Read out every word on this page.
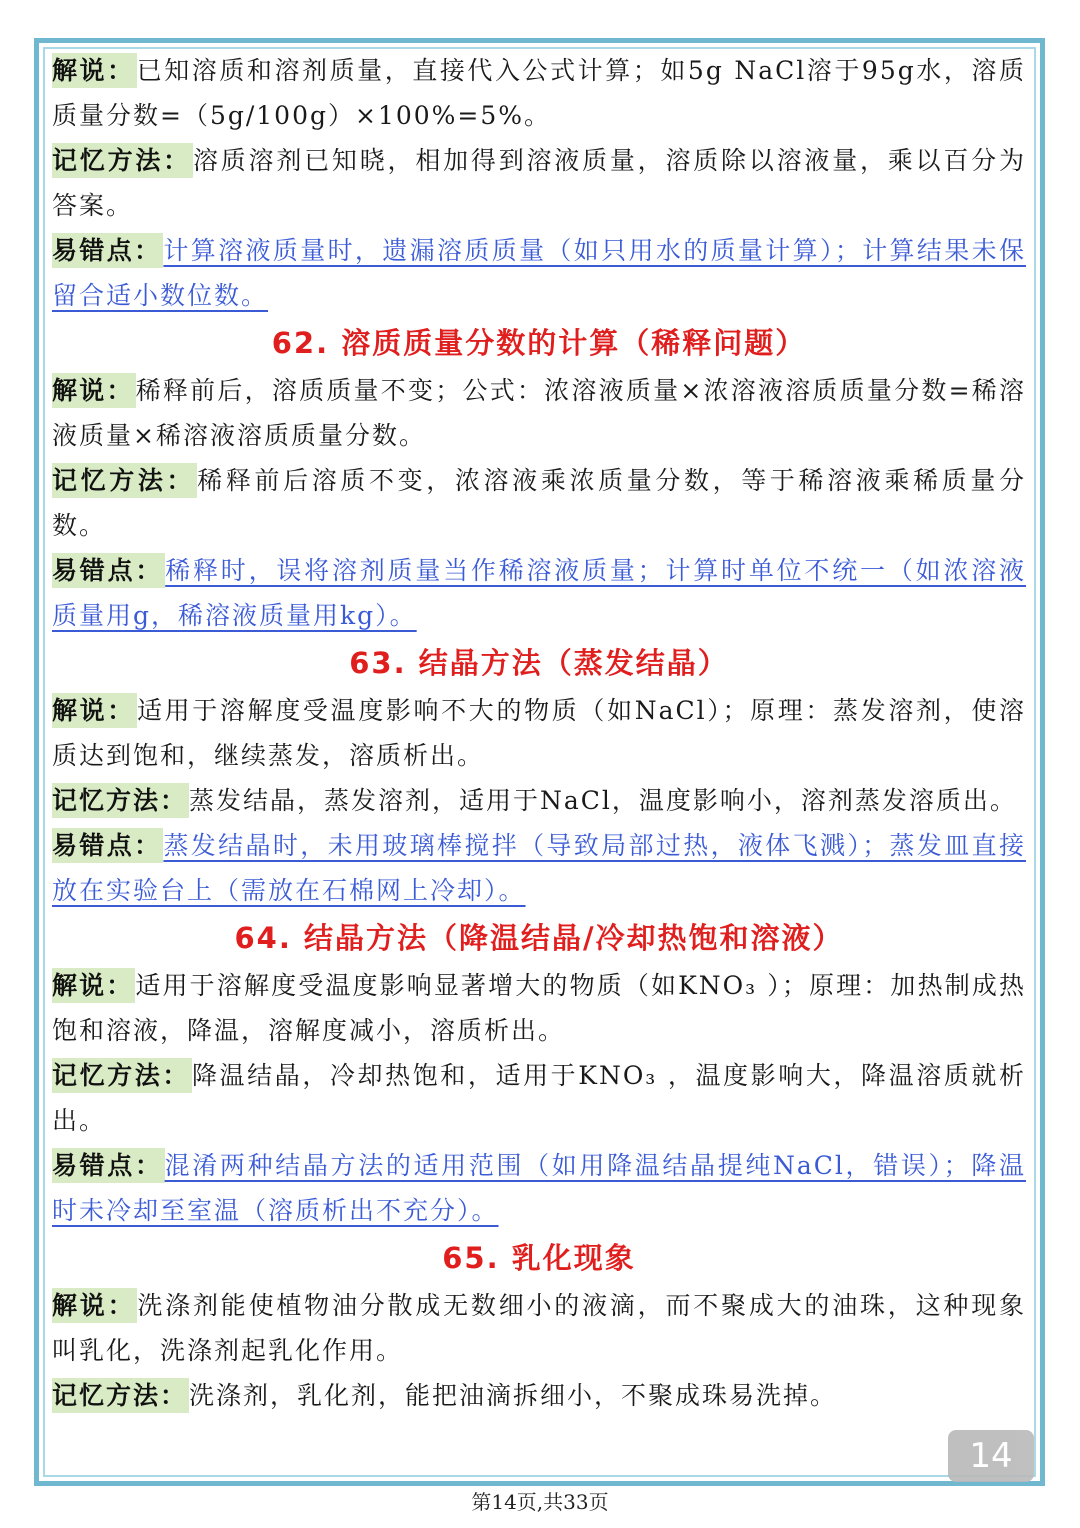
解说：已知溶质和溶剂质量，直接代入公式计算；如5g NaCl溶于95g水，溶质质量分数=（5g/100g）×100%=5%。
记忆方法：溶质溶剂已知晓，相加得到溶液质量，溶质除以溶液量，乘以百分为答案。
易错点：计算溶液质量时，遗漏溶质质量（如只用水的质量计算）；计算结果未保留合适小数位数。
62. 溶质质量分数的计算（稀释问题）
解说：稀释前后，溶质质量不变；公式：浓溶液质量×浓溶液溶质质量分数=稀溶液质量×稀溶液溶质质量分数。
记忆方法：稀释前后溶质不变，浓溶液乘浓质量分数，等于稀溶液乘稀质量分数。
易错点：稀释时，误将溶剂质量当作稀溶液质量；计算时单位不统一（如浓溶液质量用g，稀溶液质量用kg）。
63. 结晶方法（蒸发结晶）
解说：适用于溶解度受温度影响不大的物质（如NaCl）；原理：蒸发溶剂，使溶质达到饱和，继续蒸发，溶质析出。
记忆方法：蒸发结晶，蒸发溶剂，适用于NaCl，温度影响小，溶剂蒸发溶质出。
易错点：蒸发结晶时，未用玻璃棒搅拌（导致局部过热，液体飞溅）；蒸发皿直接放在实验台上（需放在石棉网上冷却）。
64. 结晶方法（降温结晶/冷却热饱和溶液）
解说：适用于溶解度受温度影响显著增大的物质（如KNO₃ ）；原理：加热制成热饱和溶液，降温，溶解度减小，溶质析出。
记忆方法：降温结晶，冷却热饱和，适用于KNO₃ ，温度影响大，降温溶质就析出。
易错点：混淆两种结晶方法的适用范围（如用降温结晶提纯NaCl，错误）；降温时未冷却至室温（溶质析出不充分）。
65. 乳化现象
解说：洗涤剂能使植物油分散成无数细小的液滴，而不聚成大的油珠，这种现象叫乳化，洗涤剂起乳化作用。
记忆方法：洗涤剂，乳化剂，能把油滴拆细小，不聚成珠易洗掉。
14
第14页,共33页
